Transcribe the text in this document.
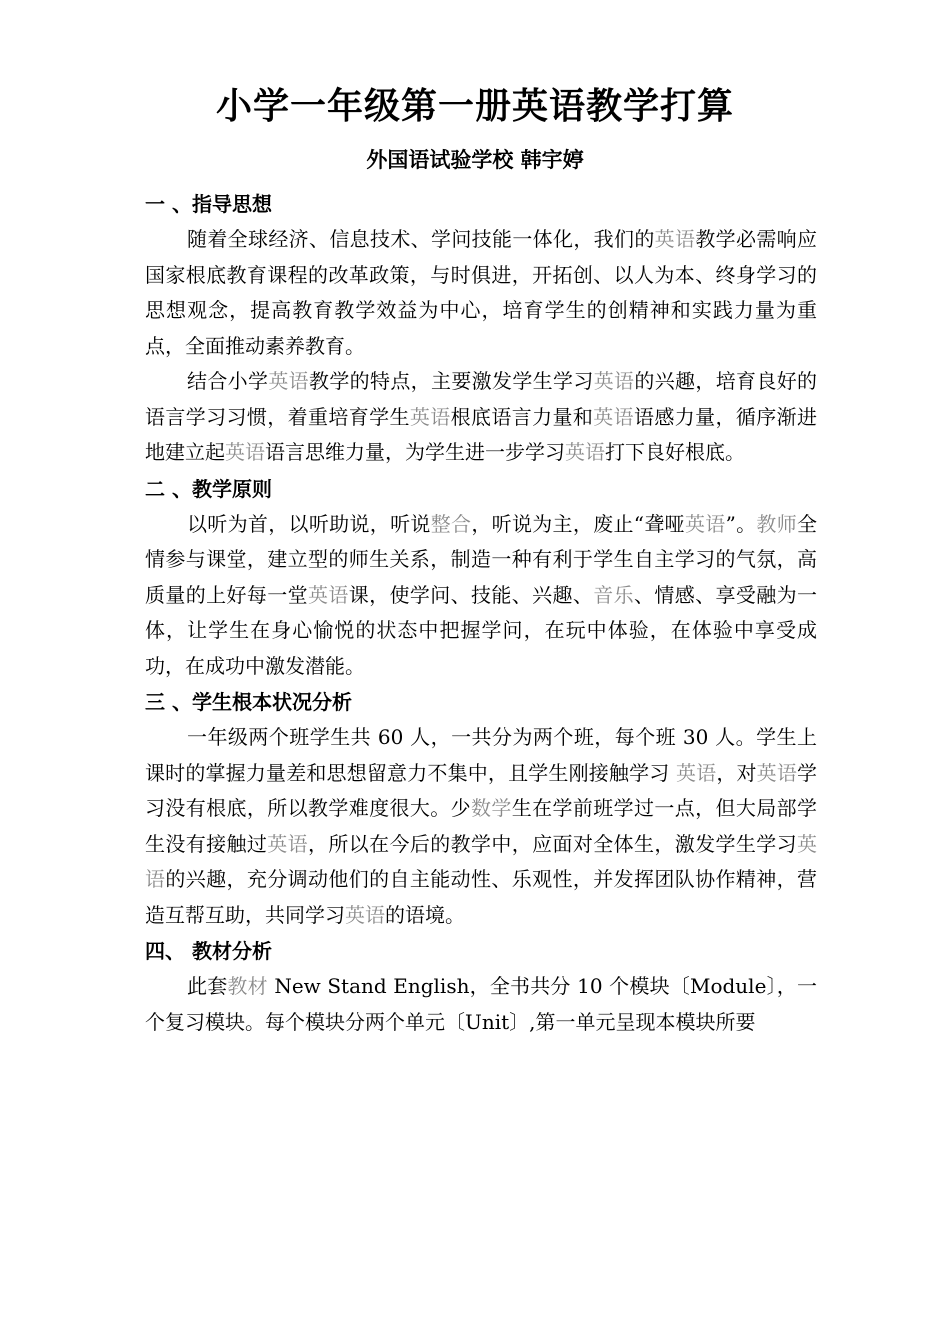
小学一年级第一册英语教学打算
外国语试验学校 韩宇婷
一 、指导思想

随着全球经济、信息技术、学问技能一体化，我们的英语教学必需响应国家根底教育课程的改革政策，与时俱进，开拓创、以人为本、终身学习的思想观念，提高教育教学效益为中心，培育学生的创精神和实践力量为重点，全面推动素养教育。

结合小学英语教学的特点，主要激发学生学习英语的兴趣，培育良好的语言学习习惯，着重培育学生英语根底语言力量和英语语感力量，循序渐进地建立起英语语言思维力量，为学生进一步学习英语打下良好根底。

二 、教学原则

以听为首，以听助说，听说整合，听说为主，废止“聋哑英语”。教师全情参与课堂，建立型的师生关系，制造一种有利于学生自主学习的气氛，高质量的上好每一堂英语课，使学问、技能、兴趣、音乐、情感、享受融为一体，让学生在身心愉悦的状态中把握学问，在玩中体验，在体验中享受成功，在成功中激发潜能。

三 、学生根本状况分析

一年级两个班学生共 60 人，一共分为两个班，每个班 30 人。学生上课时的掌握力量差和思想留意力不集中，且学生刚接触学习 英语，对英语学习没有根底，所以教学难度很大。少数学生在学前班学过一点，但大局部学生没有接触过英语，所以在今后的教学中，应面对全体生，激发学生学习英语的兴趣，充分调动他们的自主能动性、乐观性，并发挥团队协作精神，营造互帮互助，共同学习英语的语境。

四、 教材分析

此套教材 New Stand English，全书共分 10 个模块〔Module〕，一个复习模块。每个模块分两个单元〔Unit〕,第一单元呈现本模块所要
